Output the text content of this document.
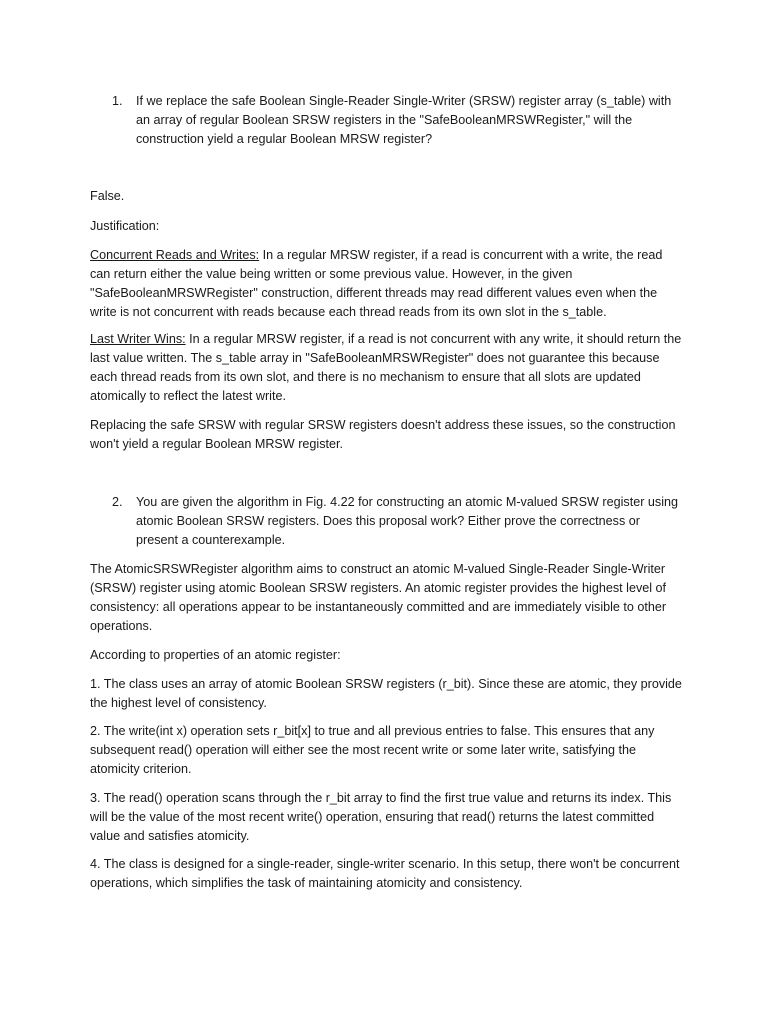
1. If we replace the safe Boolean Single-Reader Single-Writer (SRSW) register array (s_table) with an array of regular Boolean SRSW registers in the "SafeBooleanMRSWRegister," will the construction yield a regular Boolean MRSW register?

False.

Justification:

Concurrent Reads and Writes: In a regular MRSW register, if a read is concurrent with a write, the read can return either the value being written or some previous value. However, in the given "SafeBooleanMRSWRegister" construction, different threads may read different values even when the write is not concurrent with reads because each thread reads from its own slot in the s_table.

Last Writer Wins: In a regular MRSW register, if a read is not concurrent with any write, it should return the last value written. The s_table array in "SafeBooleanMRSWRegister" does not guarantee this because each thread reads from its own slot, and there is no mechanism to ensure that all slots are updated atomically to reflect the latest write.

Replacing the safe SRSW with regular SRSW registers doesn't address these issues, so the construction won't yield a regular Boolean MRSW register.

2. You are given the algorithm in Fig. 4.22 for constructing an atomic M-valued SRSW register using atomic Boolean SRSW registers. Does this proposal work? Either prove the correctness or present a counterexample.

The AtomicSRSWRegister algorithm aims to construct an atomic M-valued Single-Reader Single-Writer (SRSW) register using atomic Boolean SRSW registers. An atomic register provides the highest level of consistency: all operations appear to be instantaneously committed and are immediately visible to other operations.

According to properties of an atomic register:

1. The class uses an array of atomic Boolean SRSW registers (r_bit). Since these are atomic, they provide the highest level of consistency.

2. The write(int x) operation sets r_bit[x] to true and all previous entries to false. This ensures that any subsequent read() operation will either see the most recent write or some later write, satisfying the atomicity criterion.

3. The read() operation scans through the r_bit array to find the first true value and returns its index. This will be the value of the most recent write() operation, ensuring that read() returns the latest committed value and satisfies atomicity.

4. The class is designed for a single-reader, single-writer scenario. In this setup, there won't be concurrent operations, which simplifies the task of maintaining atomicity and consistency.
